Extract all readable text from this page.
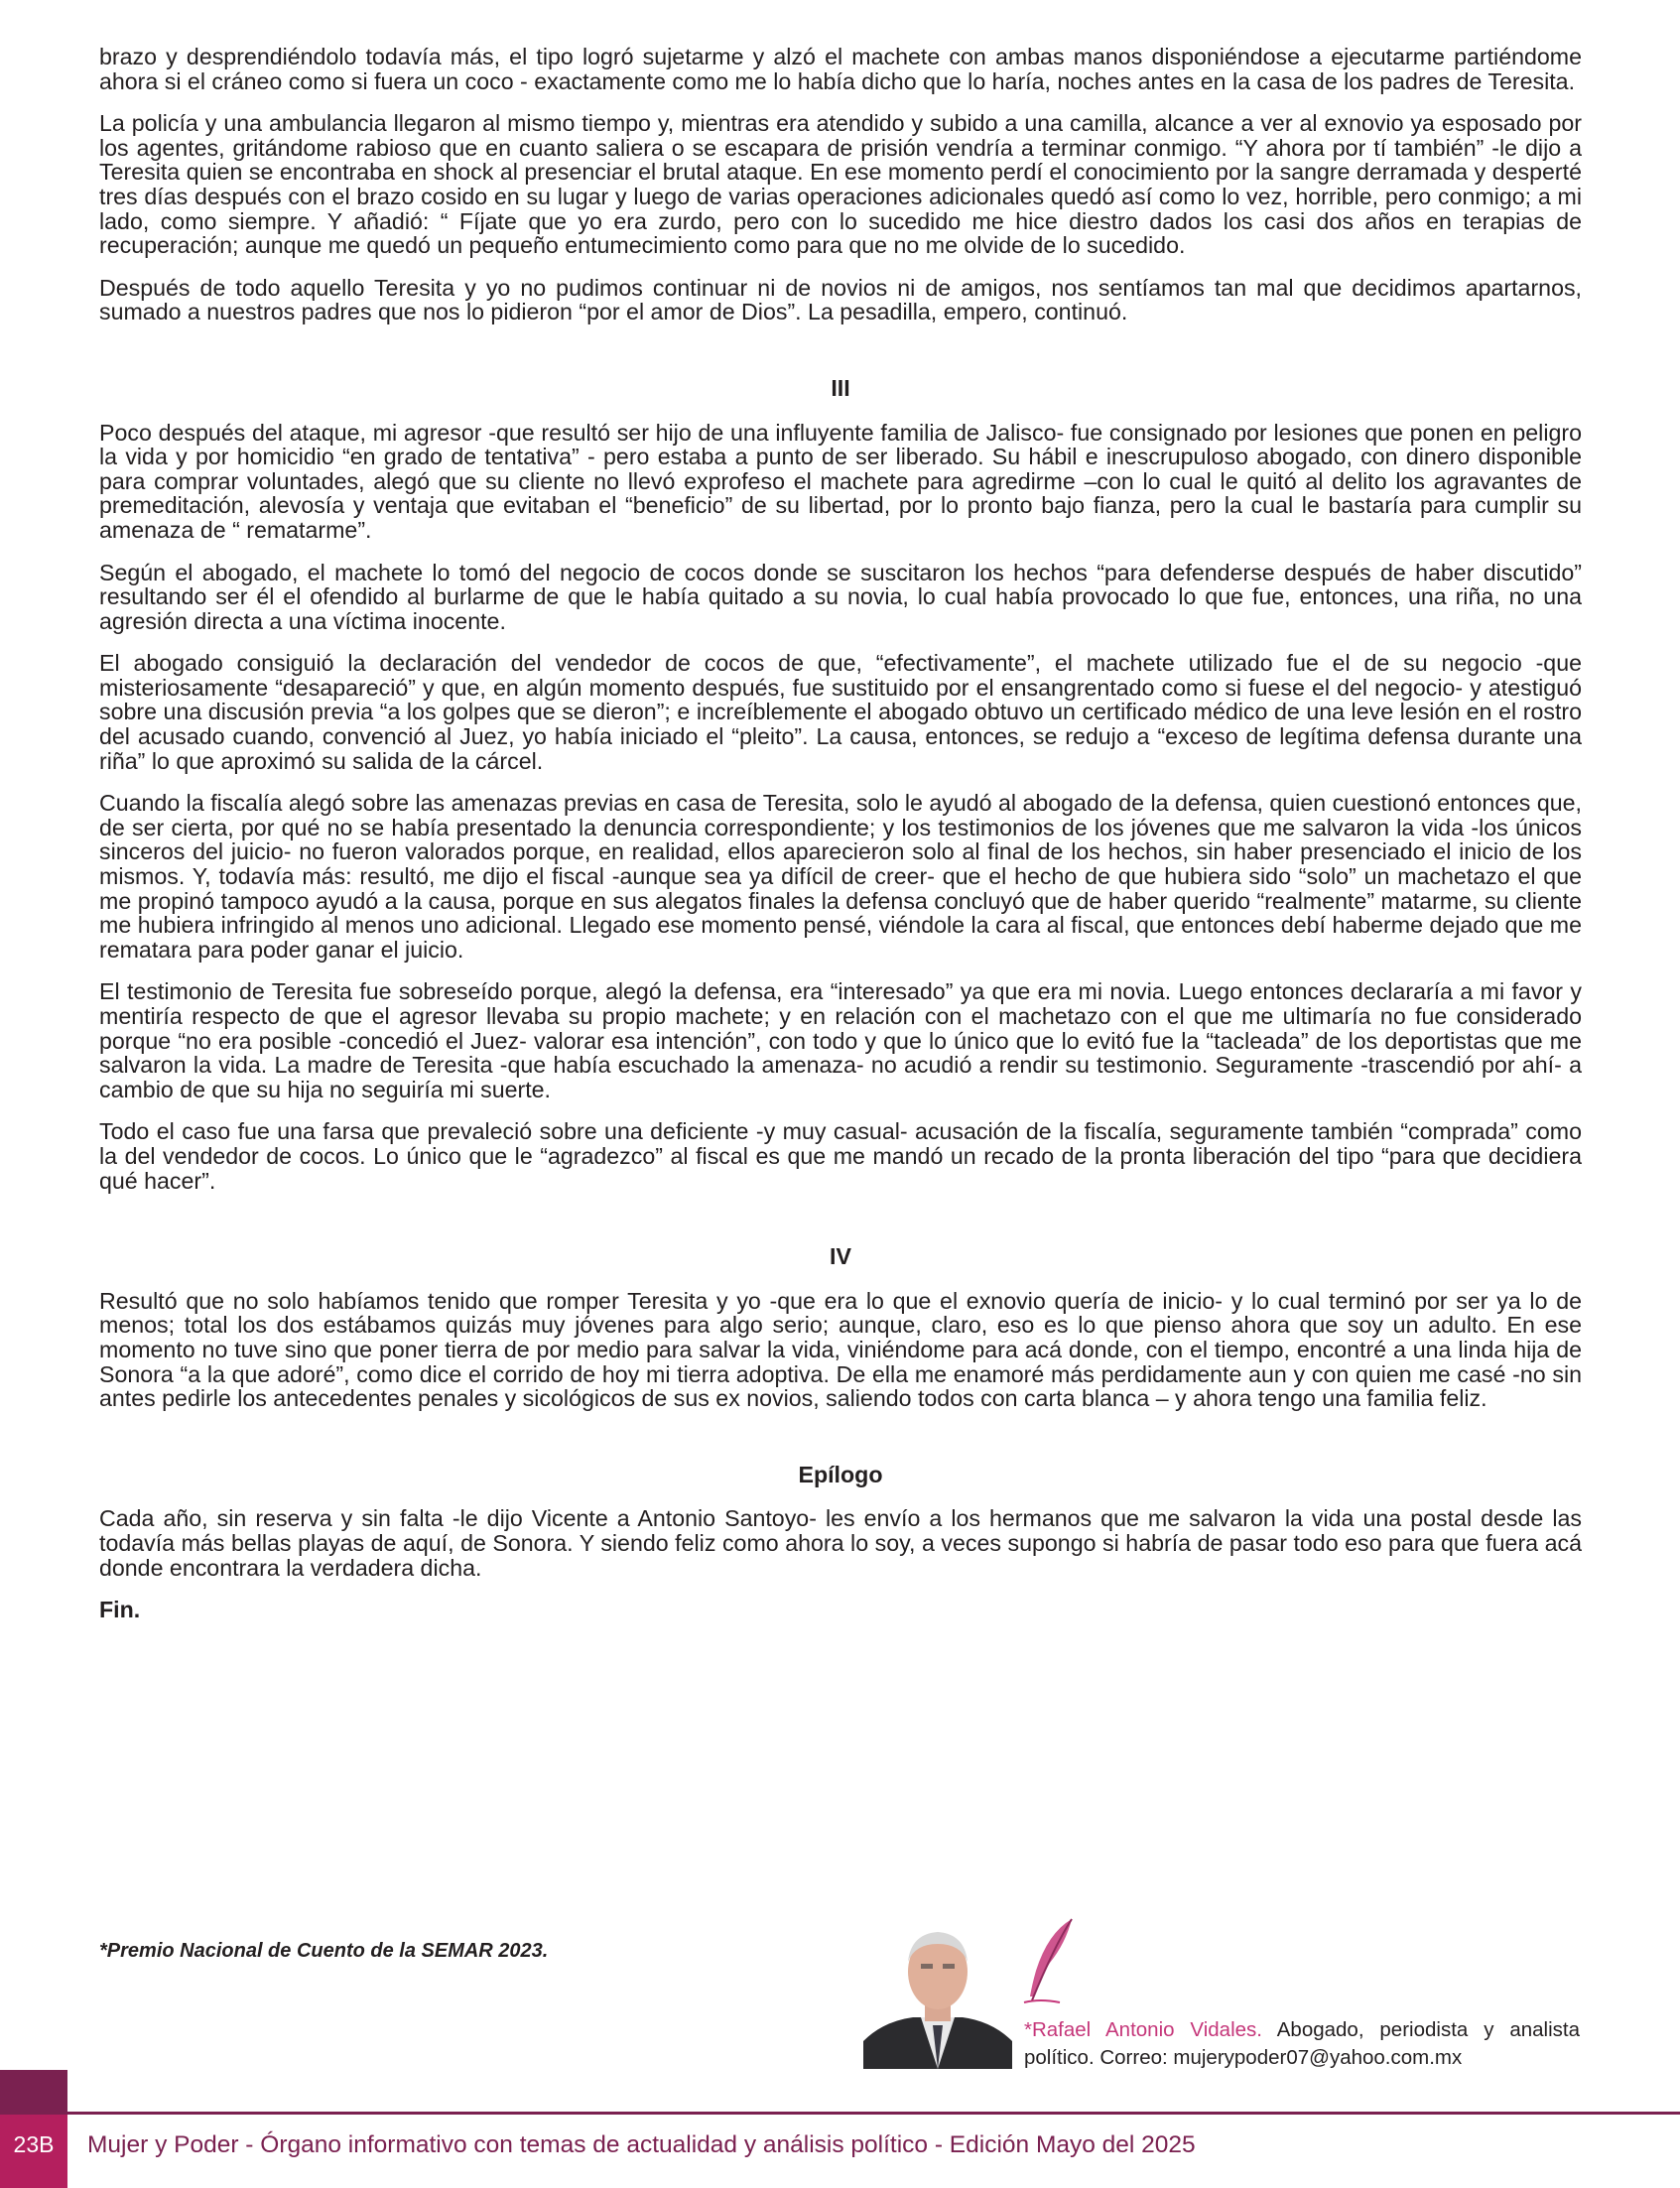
brazo y desprendiéndolo todavía más, el tipo logró sujetarme y alzó el machete con ambas manos disponiéndose a ejecutarme partiéndome ahora si el cráneo como si fuera un coco - exactamente como me lo había dicho que lo haría, noches antes en la casa de los padres de Teresita.

La policía y una ambulancia llegaron al mismo tiempo y, mientras era atendido y subido a una camilla, alcance a ver al exnovio ya esposado por los agentes, gritándome rabioso que en cuanto saliera o se escapara de prisión vendría a terminar conmigo. “Y ahora por tí también” -le dijo a Teresita quien se encontraba en shock al presenciar el brutal ataque. En ese momento perdí el conocimiento por la sangre derramada y desperté tres días después con el brazo cosido en su lugar y luego de varias operaciones adicionales quedó así como lo vez, horrible, pero conmigo; a mi lado, como siempre. Y añadió: “ Fíjate que yo era zurdo, pero con lo sucedido me hice diestro dados los casi dos años en terapias de recuperación; aunque me quedó un pequeño entumecimiento como para que no me olvide de lo sucedido.

Después de todo aquello Teresita y yo no pudimos continuar ni de novios ni de amigos, nos sentíamos tan mal que decidimos apartarnos, sumado a nuestros padres que nos lo pidieron “por el amor de Dios”. La pesadilla, empero, continuó.

III

Poco después del ataque, mi agresor -que resultó ser hijo de una influyente familia de Jalisco- fue consignado por lesiones que ponen en peligro la vida y por homicidio “en grado de tentativa” - pero estaba a punto de ser liberado. Su hábil e inescrupuloso abogado, con dinero disponible para comprar voluntades, alegó que su cliente no llevó exprofeso el machete para agredirme –con lo cual le quitó al delito los agravantes de premeditación, alevosía y ventaja que evitaban el “beneficio” de su libertad, por lo pronto bajo fianza, pero la cual le bastaría para cumplir su amenaza de “ rematarme”.

Según el abogado, el machete lo tomó del negocio de cocos donde se suscitaron los hechos “para defenderse después de haber discutido” resultando ser él el ofendido al burlarme de que le había quitado a su novia, lo cual había provocado lo que fue, entonces, una riña, no una agresión directa a una víctima inocente.

El abogado consiguió la declaración del vendedor de cocos de que, “efectivamente”, el machete utilizado fue el de su negocio -que misteriosamente “desapareció” y que, en algún momento después, fue sustituido por el ensangrentado como si fuese el del negocio- y atestiguó sobre una discusión previa “a los golpes que se dieron”; e increíblemente el abogado obtuvo un certificado médico de una leve lesión en el rostro del acusado cuando, convenció al Juez, yo había iniciado el “pleito”. La causa, entonces, se redujo a “exceso de legítima defensa durante una riña” lo que aproximó su salida de la cárcel.

Cuando la fiscalía alegó sobre las amenazas previas en casa de Teresita, solo le ayudó al abogado de la defensa, quien cuestionó entonces que, de ser cierta, por qué no se había presentado la denuncia correspondiente; y los testimonios de los jóvenes que me salvaron la vida -los únicos sinceros del juicio- no fueron valorados porque, en realidad, ellos aparecieron solo al final de los hechos, sin haber presenciado el inicio de los mismos. Y, todavía más: resultó, me dijo el fiscal -aunque sea ya difícil de creer- que el hecho de que hubiera sido “solo” un machetazo el que me propinó tampoco ayudó a la causa, porque en sus alegatos finales la defensa concluyó que de haber querido “realmente” matarme, su cliente me hubiera infringido al menos uno adicional. Llegado ese momento pensé, viéndole la cara al fiscal, que entonces debí haberme dejado que me rematara para poder ganar el juicio.

El testimonio de Teresita fue sobreseído porque, alegó la defensa, era “interesado” ya que era mi novia. Luego entonces declararía a mi favor y mentiría respecto de que el agresor llevaba su propio machete; y en relación con el machetazo con el que me ultimaría no fue considerado porque “no era posible -concedió el Juez- valorar esa intención”, con todo y que lo único que lo evitó fue la “tacleada” de los deportistas que me salvaron la vida. La madre de Teresita -que había escuchado la amenaza- no acudió a rendir su testimonio. Seguramente -trascendió por ahí- a cambio de que su hija no seguiría mi suerte.

Todo el caso fue una farsa que prevaleció sobre una deficiente -y muy casual- acusación de la fiscalía, seguramente también “comprada” como la del vendedor de cocos. Lo único que le “agradezco” al fiscal es que me mandó un recado de la pronta liberación del tipo “para que decidiera qué hacer”.

IV

Resultó que no solo habíamos tenido que romper Teresita y yo -que era lo que el exnovio quería de inicio- y lo cual terminó por ser ya lo de menos; total los dos estábamos quizás muy jóvenes para algo serio; aunque, claro, eso es lo que pienso ahora que soy un adulto. En ese momento no tuve sino que poner tierra de por medio para salvar la vida, viniéndome para acá donde, con el tiempo, encontré a una linda hija de Sonora “a la que adoré”, como dice el corrido de hoy mi tierra adoptiva. De ella me enamoré más perdidamente aun y con quien me casé -no sin antes pedirle los antecedentes penales y sicológicos de sus ex novios, saliendo todos con carta blanca – y ahora tengo una familia feliz.

Epílogo

Cada año, sin reserva y sin falta -le dijo Vicente a Antonio Santoyo- les envío a los hermanos que me salvaron la vida una postal desde las todavía más bellas playas de aquí, de Sonora. Y siendo feliz como ahora lo soy, a veces supongo si habría de pasar todo eso para que fuera acá donde encontrara la verdadera dicha.

Fin.

*Premio Nacional de Cuento de la SEMAR 2023.
*Rafael Antonio Vidales. Abogado, periodista y analista político. Correo: mujerypoder07@yahoo.com.mx
23B	Mujer y Poder - Órgano informativo con temas de actualidad y análisis político - Edición Mayo del 2025
